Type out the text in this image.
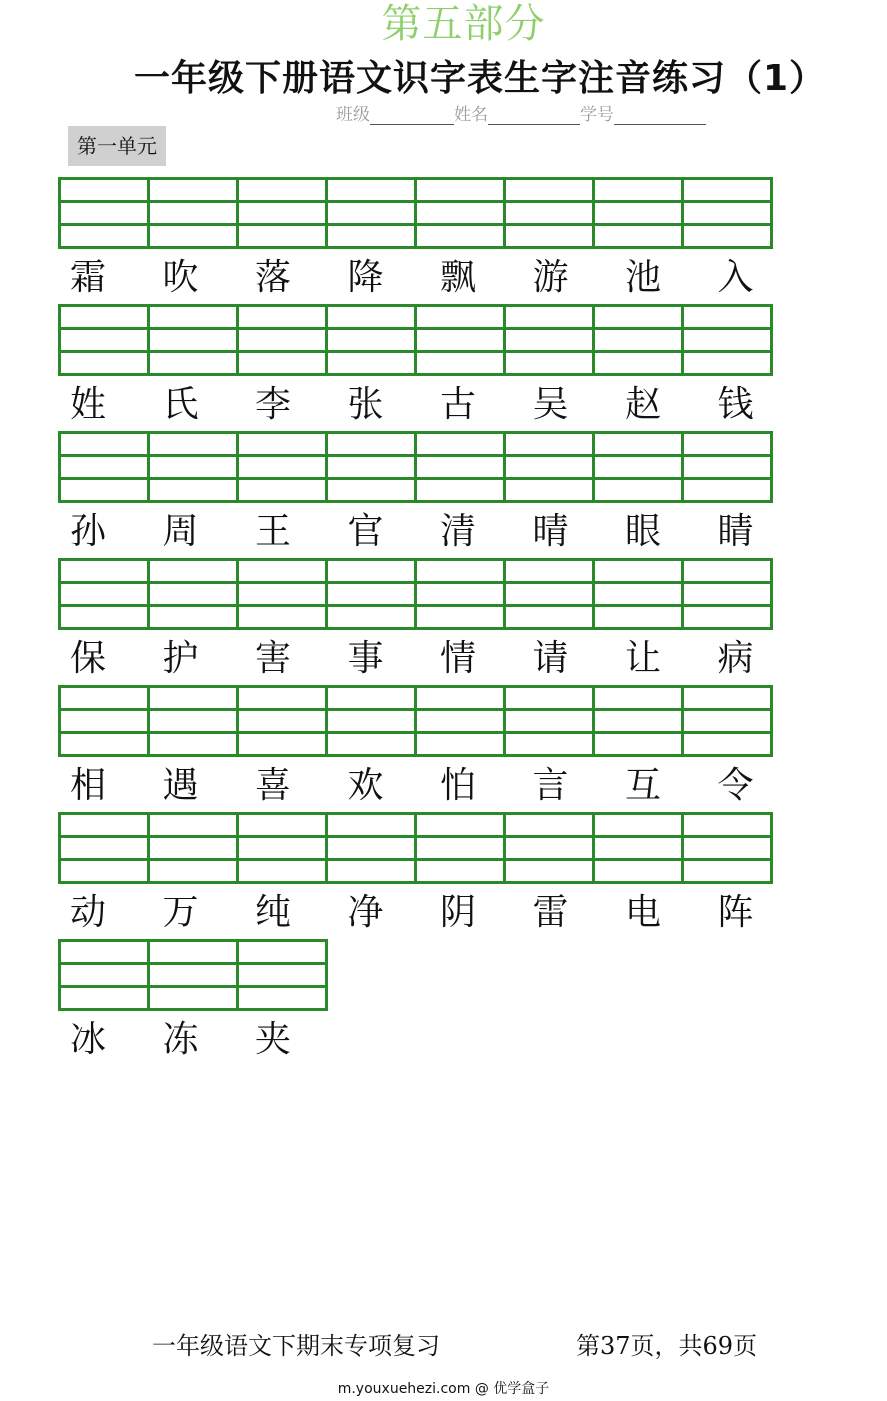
第五部分
一年级下册语文识字表生字注音练习（1）
班级	姓名	学号
第一单元
霜	吹	落	降	飘	游	池	入
姓	氏	李	张	古	吴	赵	钱
孙	周	王	官	清	晴	眼	睛
保	护	害	事	情	请	让	病
相	遇	喜	欢	怕	言	互	令
动	万	纯	净	阴	雷	电	阵
冰	冻	夹
一年级语文下期末专项复习	第37页，共69页
m.youxuehezi.com @ 优学盒子
